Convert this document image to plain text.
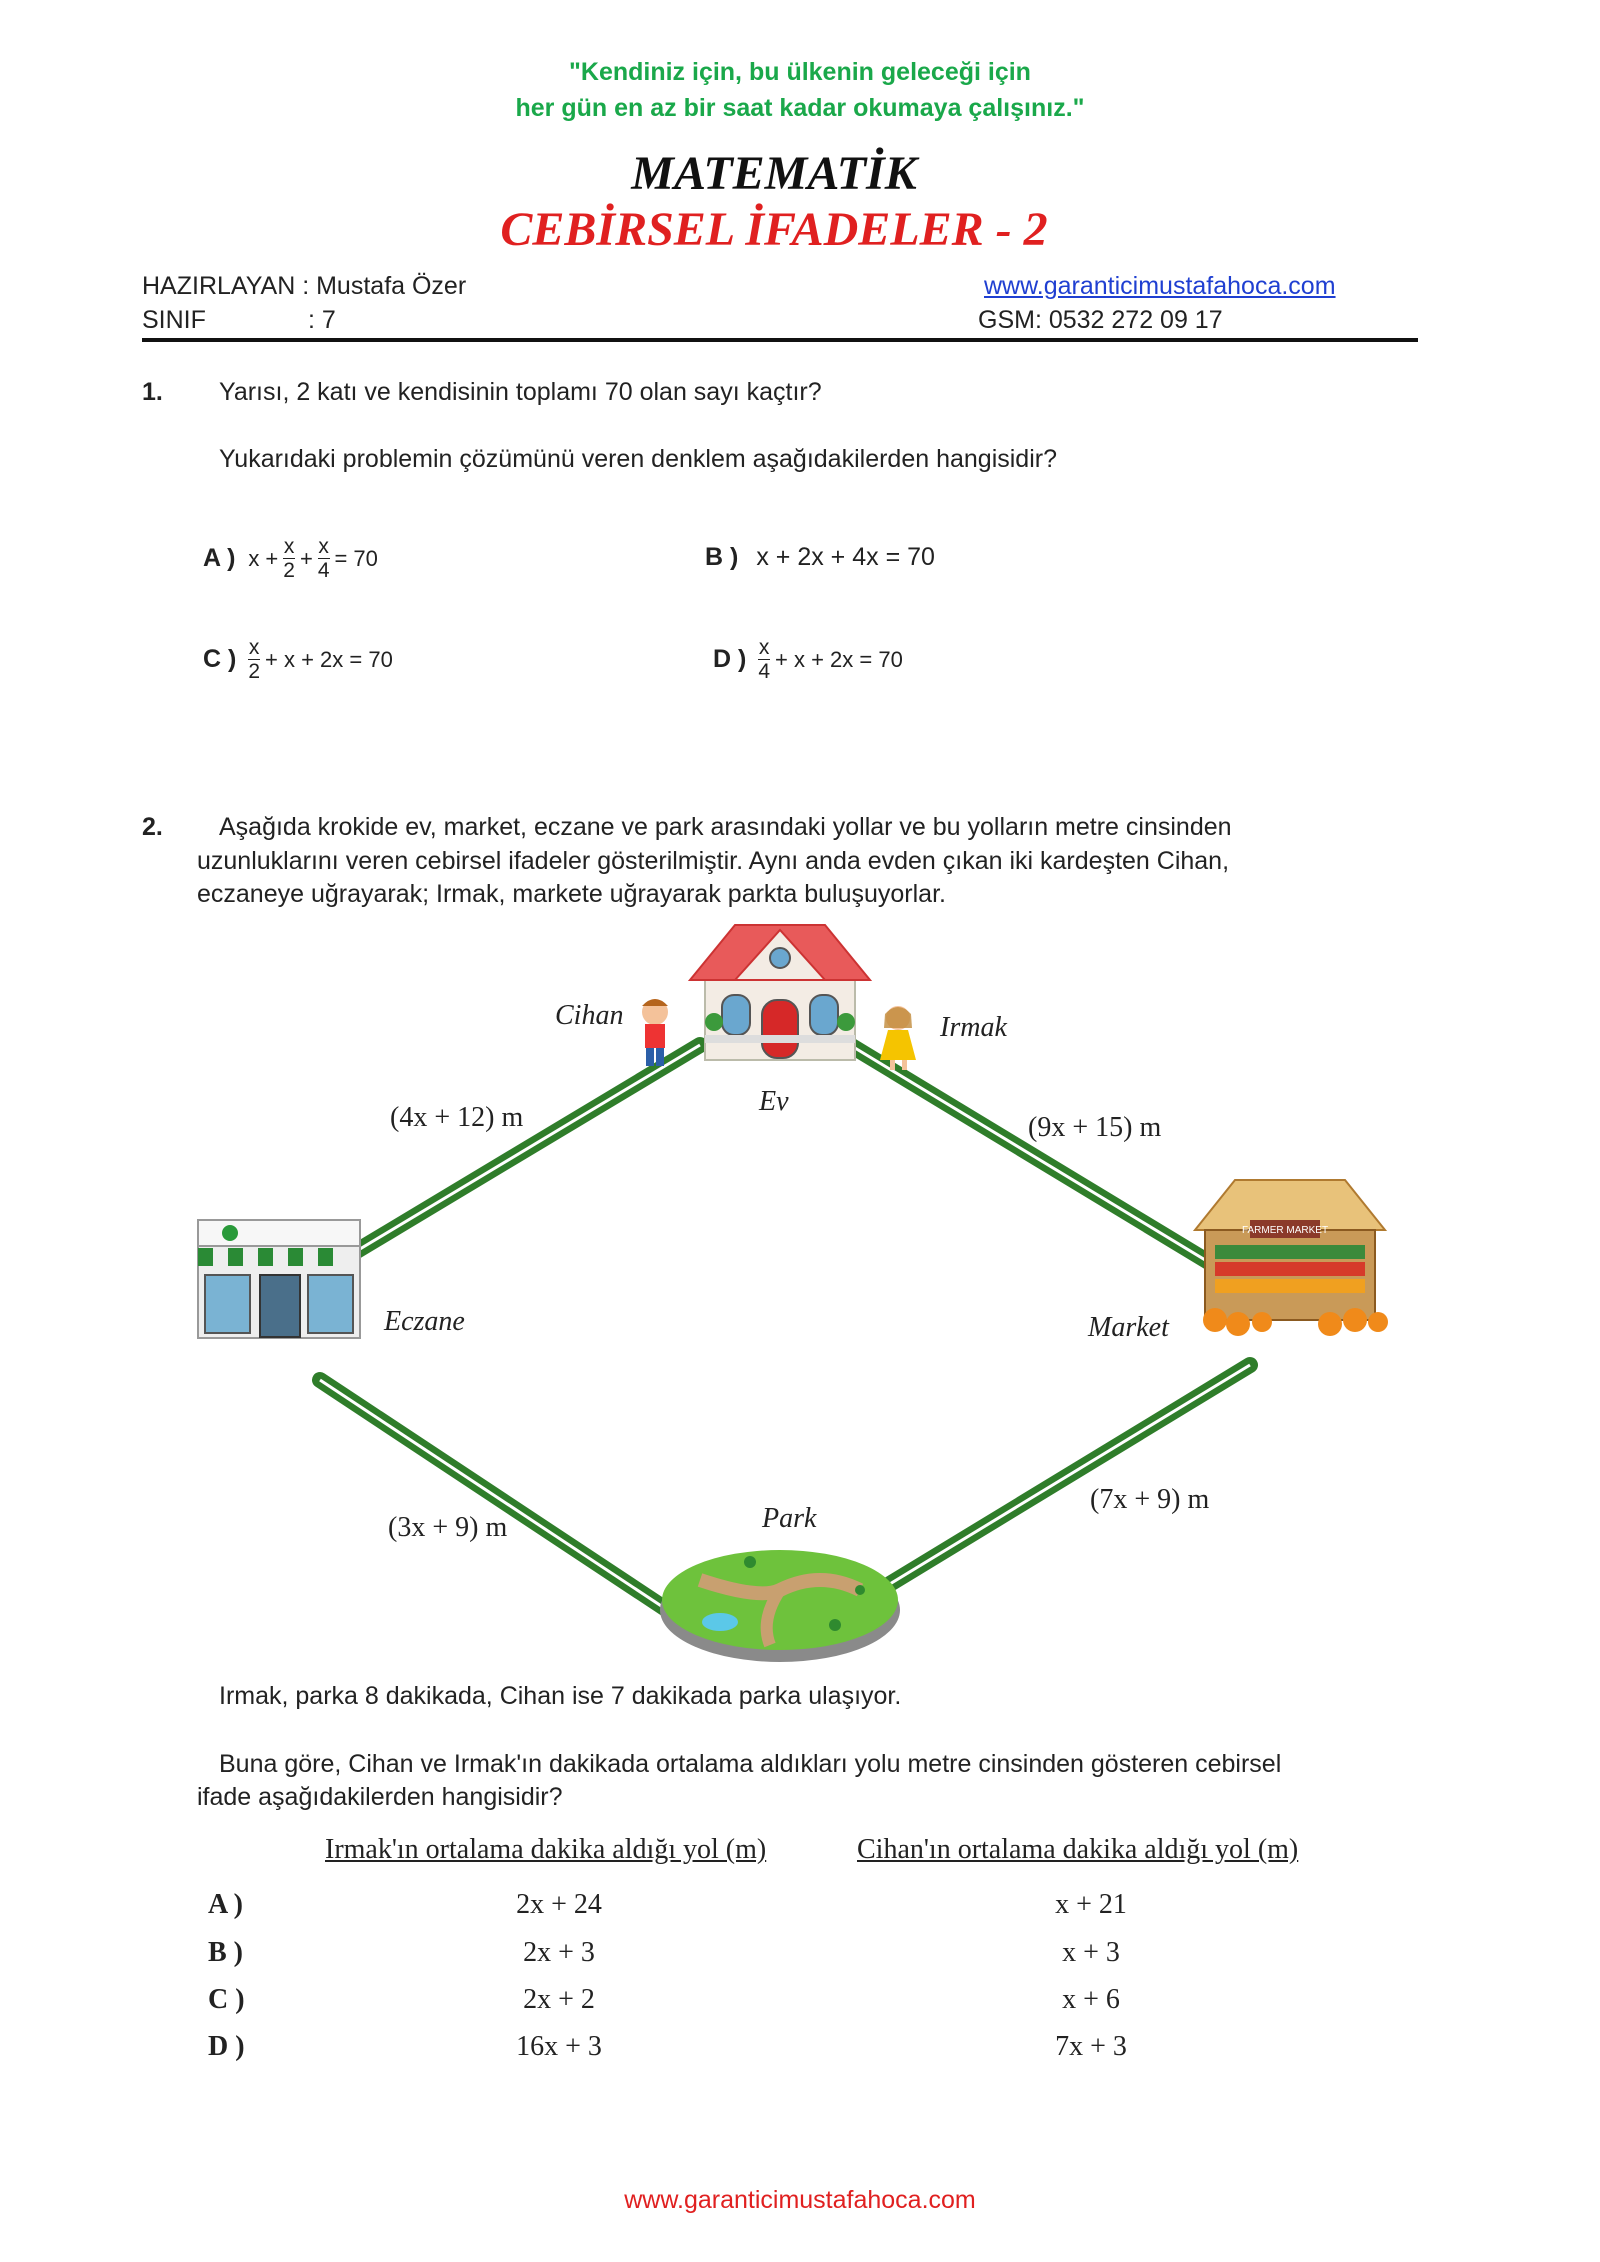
"Kendiniz için, bu ülkenin geleceği için
her gün en az bir saat kadar okumaya çalışınız."
MATEMATİK
CEBİRSEL İFADELER - 2
HAZIRLAYAN : Mustafa Özer
SINIF	: 7
www.garanticimustafahoca.com
GSM: 0532 272 09 17
1. Yarısı, 2 katı ve kendisinin toplamı 70 olan sayı kaçtır?
Yukarıdaki problemin çözümünü veren denklem aşağıdakilerden hangisidir?
A ) $x + \frac{x}{2} + \frac{x}{4} = 70$	B ) x + 2x + 4x = 70
C ) $\frac{x}{2} + x + 2x = 70$	D ) $\frac{x}{4} + x + 2x = 70$
2. Aşağıda krokide ev, market, eczane ve park arasındaki yollar ve bu yolların metre cinsinden
uzunluklarını veren cebirsel ifadeler gösterilmiştir. Aynı anda evden çıkan iki kardeşten Cihan,
eczaneye uğrayarak; Irmak, markete uğrayarak parkta buluşuyorlar.
FARMER MARKET
Cihan	Irmak
Ev
Eczane	Market
Park
(4x + 12) m	(9x + 15) m
(3x + 9) m
(7x + 9) m
Irmak, parka 8 dakikada, Cihan ise 7 dakikada parka ulaşıyor.
Buna göre, Cihan ve Irmak'ın dakikada ortalama aldıkları yolu metre cinsinden gösteren cebirsel
ifade aşağıdakilerden hangisidir?
Irmak'ın ortalama dakika aldığı yol (m)	Cihan'ın ortalama dakika aldığı yol (m)
A )	2x + 24	x + 21
B )	2x + 3	x + 3
C )	2x + 2	x + 6
D )	16x + 3	7x + 3
www.garanticimustafahoca.com
